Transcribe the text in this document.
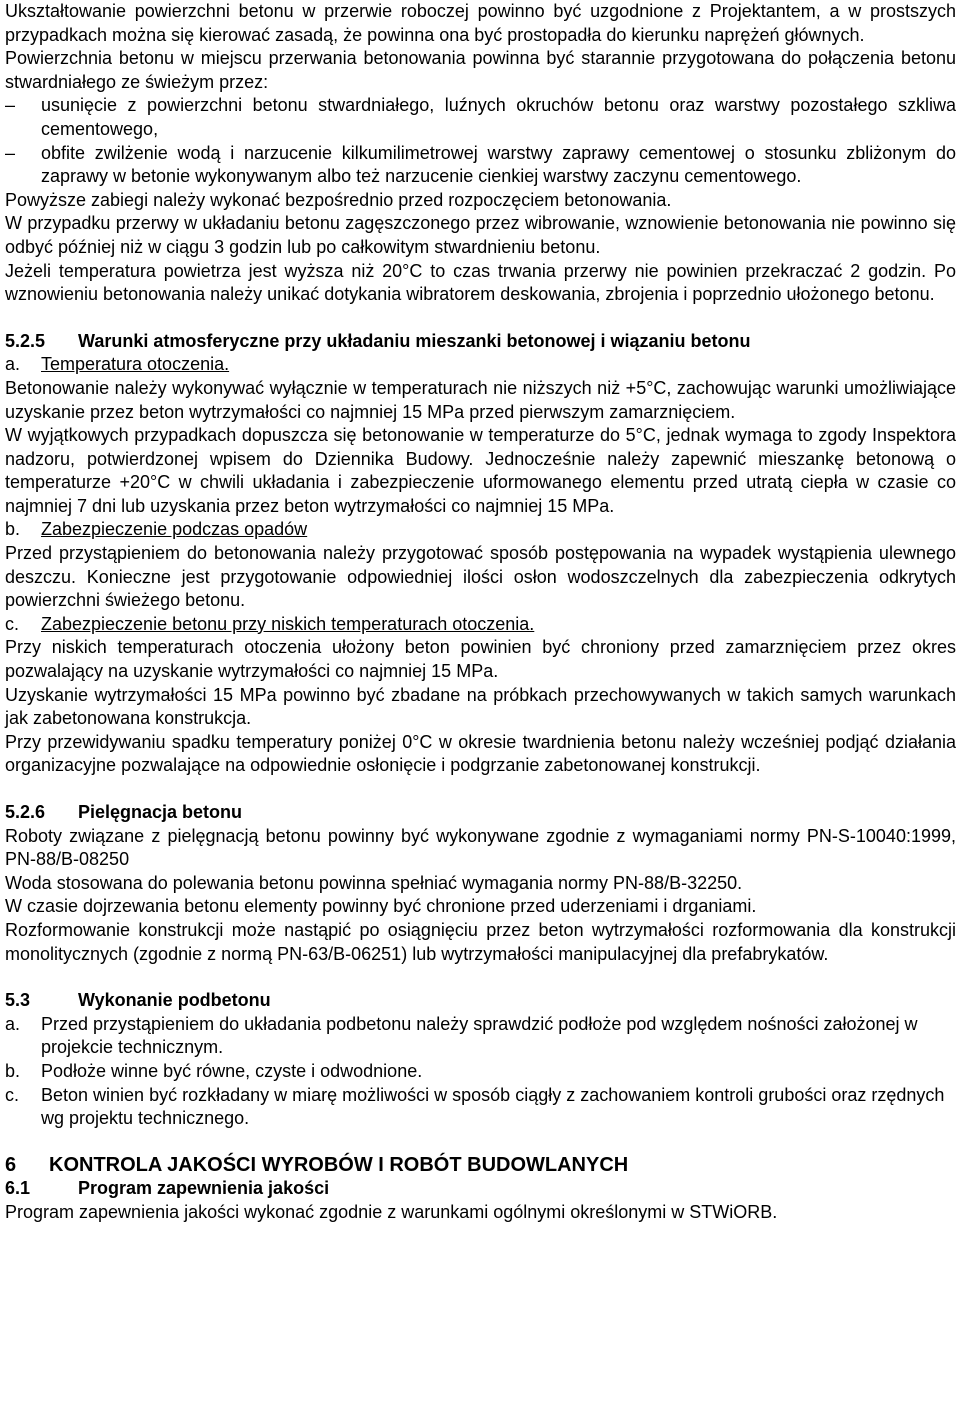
Ukształtowanie powierzchni betonu w przerwie roboczej powinno być uzgodnione z Projektantem, a w prostszych przypadkach można się kierować zasadą, że powinna ona być prostopadła do kierunku naprężeń głównych.

Powierzchnia betonu w miejscu przerwania betonowania powinna być starannie przygotowana do połączenia betonu stwardniałego ze świeżym przez:

–	usunięcie z powierzchni betonu stwardniałego, luźnych okruchów betonu oraz warstwy pozostałego szkliwa cementowego,
–	obfite zwilżenie wodą i narzucenie kilkumilimetrowej warstwy zaprawy cementowej o stosunku zbliżonym do zaprawy w betonie wykonywanym albo też narzucenie cienkiej warstwy zaczynu cementowego.

Powyższe zabiegi należy wykonać bezpośrednio przed rozpoczęciem betonowania.

W przypadku przerwy w układaniu betonu zagęszczonego przez wibrowanie, wznowienie betonowania nie powinno się odbyć później niż w ciągu 3 godzin lub po całkowitym stwardnieniu betonu.

Jeżeli temperatura powietrza jest wyższa niż 20°C to czas trwania przerwy nie powinien przekraczać 2 godzin. Po wznowieniu betonowania należy unikać dotykania wibratorem deskowania, zbrojenia i poprzednio ułożonego betonu.

5.2.5	Warunki atmosferyczne przy układaniu mieszanki betonowej i wiązaniu betonu
a.	Temperatura otoczenia.

Betonowanie należy wykonywać wyłącznie w temperaturach nie niższych niż +5°C, zachowując warunki umożliwiające uzyskanie przez beton wytrzymałości co najmniej 15 MPa przed pierwszym zamarznięciem.

W wyjątkowych przypadkach dopuszcza się betonowanie w temperaturze do 5°C, jednak wymaga to zgody Inspektora nadzoru, potwierdzonej wpisem do Dziennika Budowy. Jednocześnie należy zapewnić mieszankę betonową o temperaturze +20°C w chwili układania i zabezpieczenie uformowanego elementu przed utratą ciepła w czasie co najmniej 7 dni lub uzyskania przez beton wytrzymałości co najmniej 15 MPa.

b.	Zabezpieczenie podczas opadów

Przed przystąpieniem do betonowania należy przygotować sposób postępowania na wypadek wystąpienia ulewnego deszczu. Konieczne jest przygotowanie odpowiedniej ilości osłon wodoszczelnych dla zabezpieczenia odkrytych powierzchni świeżego betonu.

c.	Zabezpieczenie betonu przy niskich temperaturach otoczenia.

Przy niskich temperaturach otoczenia ułożony beton powinien być chroniony przed zamarznięciem przez okres pozwalający na uzyskanie wytrzymałości co najmniej 15 MPa.

Uzyskanie wytrzymałości 15 MPa powinno być zbadane na próbkach przechowywanych w takich samych warunkach jak zabetonowana konstrukcja.

Przy przewidywaniu spadku temperatury poniżej 0°C w okresie twardnienia betonu należy wcześniej podjąć działania organizacyjne pozwalające na odpowiednie osłonięcie i podgrzanie zabetonowanej konstrukcji.

5.2.6	Pielęgnacja betonu

Roboty związane z pielęgnacją betonu powinny być wykonywane zgodnie z wymaganiami normy PN-S-10040:1999, PN-88/B-08250

Woda stosowana do polewania betonu powinna spełniać wymagania normy PN-88/B-32250.

W czasie dojrzewania betonu elementy powinny być chronione przed uderzeniami i drganiami.

Rozformowanie konstrukcji może nastąpić po osiągnięciu przez beton wytrzymałości rozformowania dla konstrukcji monolitycznych (zgodnie z normą PN-63/B-06251) lub wytrzymałości manipulacyjnej dla prefabrykatów.

5.3	Wykonanie podbetonu
a.	Przed przystąpieniem do układania podbetonu należy sprawdzić podłoże pod względem nośności założonej w projekcie technicznym.
b.	Podłoże winne być równe, czyste i odwodnione.
c.	Beton winien być rozkładany w miarę możliwości w sposób ciągły z zachowaniem kontroli grubości oraz rzędnych wg projektu technicznego.
6	KONTROLA JAKOŚCI WYROBÓW I ROBÓT BUDOWLANYCH
6.1	Program zapewnienia jakości

Program zapewnienia jakości wykonać zgodnie z warunkami ogólnymi określonymi w STWiORB.
